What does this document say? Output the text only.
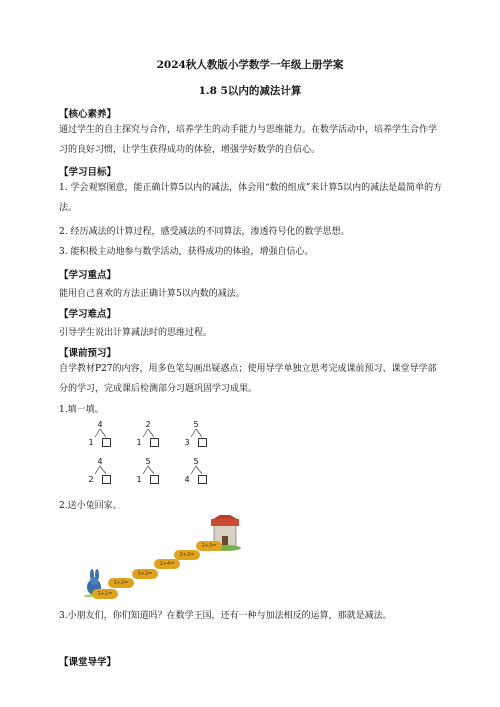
2024秋人教版小学数学一年级上册学案
1.8 5以内的减法计算
【核心素养】
通过学生的自主探究与合作，培养学生的动手能力与思维能力。在数学活动中，培养学生合作学习的良好习惯，让学生获得成功的体验，增强学好数学的自信心。
【学习目标】
1. 学会观察图意，能正确计算5以内的减法，体会用“数的组成”来计算5以内的减法是最简单的方法。
2. 经历减法的计算过程，感受减法的不同算法，渗透符号化的数学思想。
3. 能积极主动地参与数学活动，获得成功的体验，增强自信心。
【学习重点】
能用自己喜欢的方法正确计算5以内数的减法。
【学习难点】
引导学生说出计算减法时的思维过程。
【课前预习】
自学教材P27的内容，用多色笔勾画出疑惑点；使用导学单独立思考完成课前预习、课堂导学部分的学习，完成课后检测部分习题巩固学习成果。
1.填一填。
4
1
2
1
5
3
4
2
5
1
5
4
2.送小兔回家。
1+1=
1+2=
3+2=
1+4=
2+2=
2+3=
3.小朋友们，你们知道吗？在数学王国，还有一种与加法相反的运算，那就是减法。
【课堂导学】
